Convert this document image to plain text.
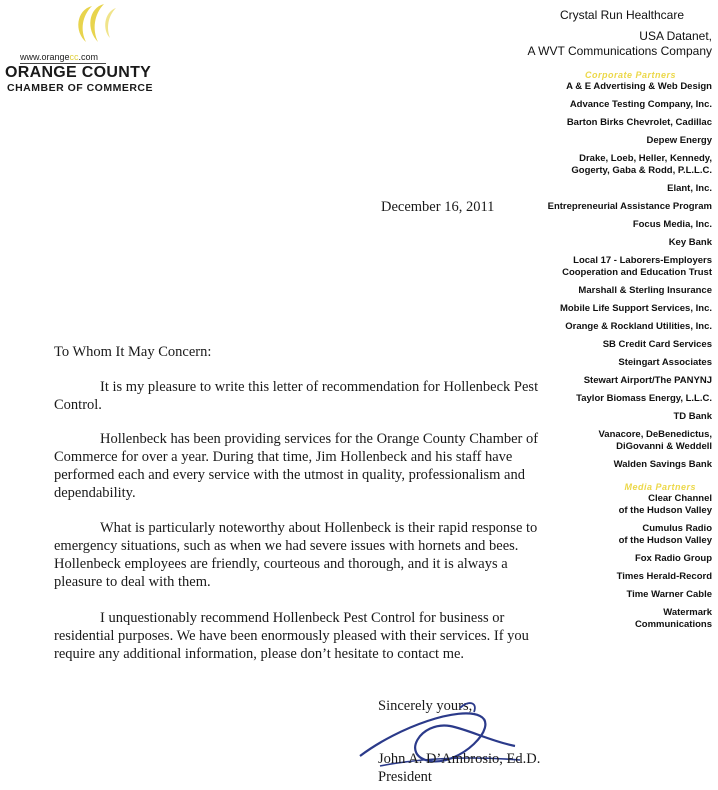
www.orangecc.com
ORANGE COUNTY
CHAMBER OF COMMERCE
Crystal Run Healthcare
USA Datanet,
A WVT Communications Company
Corporate Partners
A & E Advertising & Web Design
Advance Testing Company, Inc.
Barton Birks Chevrolet, Cadillac
Depew Energy
Drake, Loeb, Heller, Kennedy,
Gogerty, Gaba & Rodd, P.L.L.C.
Elant, Inc.
Entrepreneurial Assistance Program
Focus Media, Inc.
Key Bank
Local 17 - Laborers-Employers
Cooperation and Education Trust
Marshall & Sterling Insurance
Mobile Life Support Services, Inc.
Orange & Rockland Utilities, Inc.
SB Credit Card Services
Steingart Associates
Stewart Airport/The PANYNJ
Taylor Biomass Energy, L.L.C.
TD Bank
Vanacore, DeBenedictus,
DiGovanni & Weddell
Walden Savings Bank
Media Partners
Clear Channel
of the Hudson Valley
Cumulus Radio
of the Hudson Valley
Fox Radio Group
Times Herald-Record
Time Warner Cable
Watermark
Communications
December 16, 2011
To Whom It May Concern:
It is my pleasure to write this letter of recommendation for Hollenbeck Pest Control.
Hollenbeck has been providing services for the Orange County Chamber of Commerce for over a year. During that time, Jim Hollenbeck and his staff have performed each and every service with the utmost in quality, professionalism and dependability.
What is particularly noteworthy about Hollenbeck is their rapid response to emergency situations, such as when we had severe issues with hornets and bees. Hollenbeck employees are friendly, courteous and thorough, and it is always a pleasure to deal with them.
I unquestionably recommend Hollenbeck Pest Control for business or residential purposes. We have been enormously pleased with their services. If you require any additional information, please don’t hesitate to contact me.
Sincerely yours,
John A. D’Ambrosio, Ed.D.
President
